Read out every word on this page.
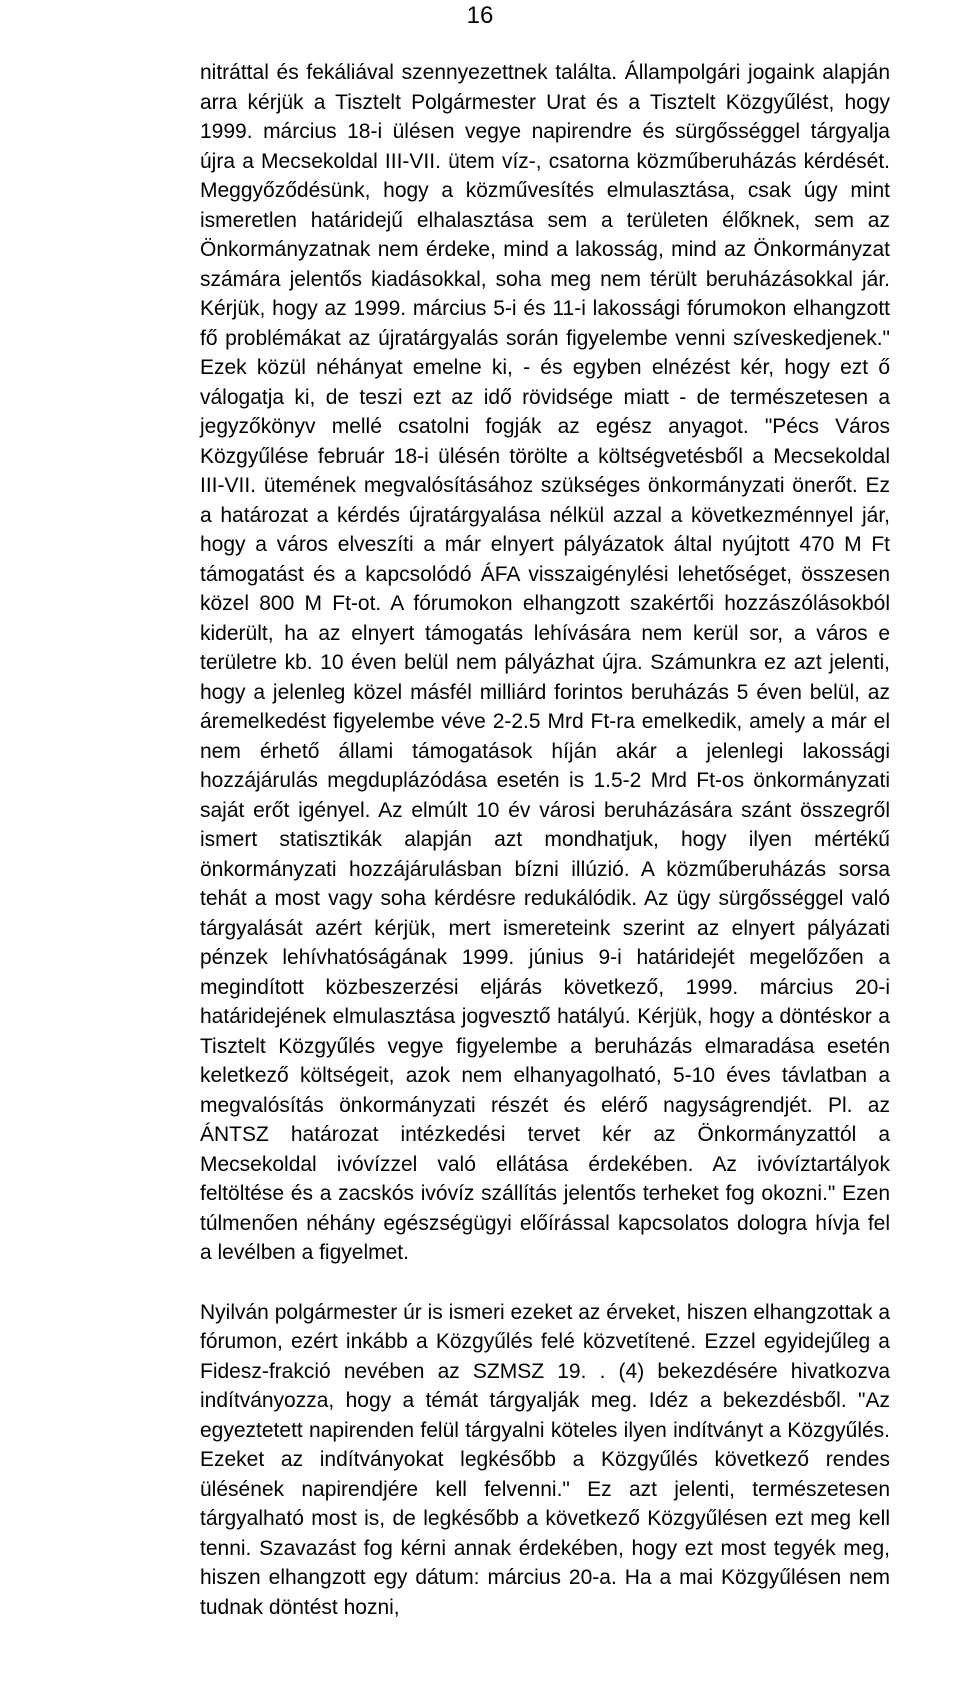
16

nitráttal és fekáliával szennyezettnek találta. Állampolgári jogaink alapján arra kérjük a Tisztelt Polgármester Urat és a Tisztelt Közgyűlést, hogy 1999. március 18-i ülésen vegye napirendre és sürgősséggel tárgyalja újra a Mecsekoldal III-VII. ütem víz-, csatorna közműberuházás kérdését. Meggyőződésünk, hogy a közművesítés elmulasztása, csak úgy mint ismeretlen határidejű elhalasztása sem a területen élőknek, sem az Önkormányzatnak nem érdeke, mind a lakosság, mind az Önkormányzat számára jelentős kiadásokkal, soha meg nem térült beruházásokkal jár. Kérjük, hogy az 1999. március 5-i és 11-i lakossági fórumokon elhangzott fő problémákat az újratárgyalás során figyelembe venni szíveskedjenek." Ezek közül néhányat emelne ki, - és egyben elnézést kér, hogy ezt ő válogatja ki, de teszi ezt az idő rövidsége miatt - de természetesen a jegyzőkönyv mellé csatolni fogják az egész anyagot. "Pécs Város Közgyűlése február 18-i ülésén törölte a költségvetésből a Mecsekoldal III-VII. ütemének megvalósításához szükséges önkormányzati önerőt. Ez a határozat a kérdés újratárgyalása nélkül azzal a következménnyel jár, hogy a város elveszíti a már elnyert pályázatok által nyújtott 470 M Ft támogatást és a kapcsolódó ÁFA visszaigénylési lehetőséget, összesen közel 800 M Ft-ot. A fórumokon elhangzott szakértői hozzászólásokból kiderült, ha az elnyert támogatás lehívására nem kerül sor, a város e területre kb. 10 éven belül nem pályázhat újra. Számunkra ez azt jelenti, hogy a jelenleg közel másfél milliárd forintos beruházás 5 éven belül, az áremelkedést figyelembe véve 2-2.5 Mrd Ft-ra emelkedik, amely a már el nem érhető állami támogatások híján akár a jelenlegi lakossági hozzájárulás megduplázódása esetén is 1.5-2 Mrd Ft-os önkormányzati saját erőt igényel. Az elmúlt 10 év városi beruházására szánt összegről ismert statisztikák alapján azt mondhatjuk, hogy ilyen mértékű önkormányzati hozzájárulásban bízni illúzió. A közműberuházás sorsa tehát a most vagy soha kérdésre redukálódik. Az ügy sürgősséggel való tárgyalását azért kérjük, mert ismereteink szerint az elnyert pályázati pénzek lehívhatóságának 1999. június 9-i határidejét megelőzően a megindított közbeszerzési eljárás következő, 1999. március 20-i határidejének elmulasztása jogvesztő hatályú. Kérjük, hogy a döntéskor a Tisztelt Közgyűlés vegye figyelembe a beruházás elmaradása esetén keletkező költségeit, azok nem elhanyagolható, 5-10 éves távlatban a megvalósítás önkormányzati részét és elérő nagyságrendjét. Pl. az ÁNTSZ határozat intézkedési tervet kér az Önkormányzattól a Mecsekoldal ivóvízzel való ellátása érdekében. Az ivóvíztartályok feltöltése és a zacskós ivóvíz szállítás jelentős terheket fog okozni." Ezen túlmenően néhány egészségügyi előírással kapcsolatos dologra hívja fel a levélben a figyelmet.

Nyilván polgármester úr is ismeri ezeket az érveket, hiszen elhangzottak a fórumon, ezért inkább a Közgyűlés felé közvetítené. Ezzel egyidejűleg a Fidesz-frakció nevében az SZMSZ 19. . (4) bekezdésére hivatkozva indítványozza, hogy a témát tárgyalják meg. Idéz a bekezdésből. "Az egyeztetett napirenden felül tárgyalni köteles ilyen indítványt a Közgyűlés. Ezeket az indítványokat legkésőbb a Közgyűlés következő rendes ülésének napirendjére kell felvenni." Ez azt jelenti, természetesen tárgyalható most is, de legkésőbb a következő Közgyűlésen ezt meg kell tenni. Szavazást fog kérni annak érdekében, hogy ezt most tegyék meg, hiszen elhangzott egy dátum: március 20-a. Ha a mai Közgyűlésen nem tudnak döntést hozni,
